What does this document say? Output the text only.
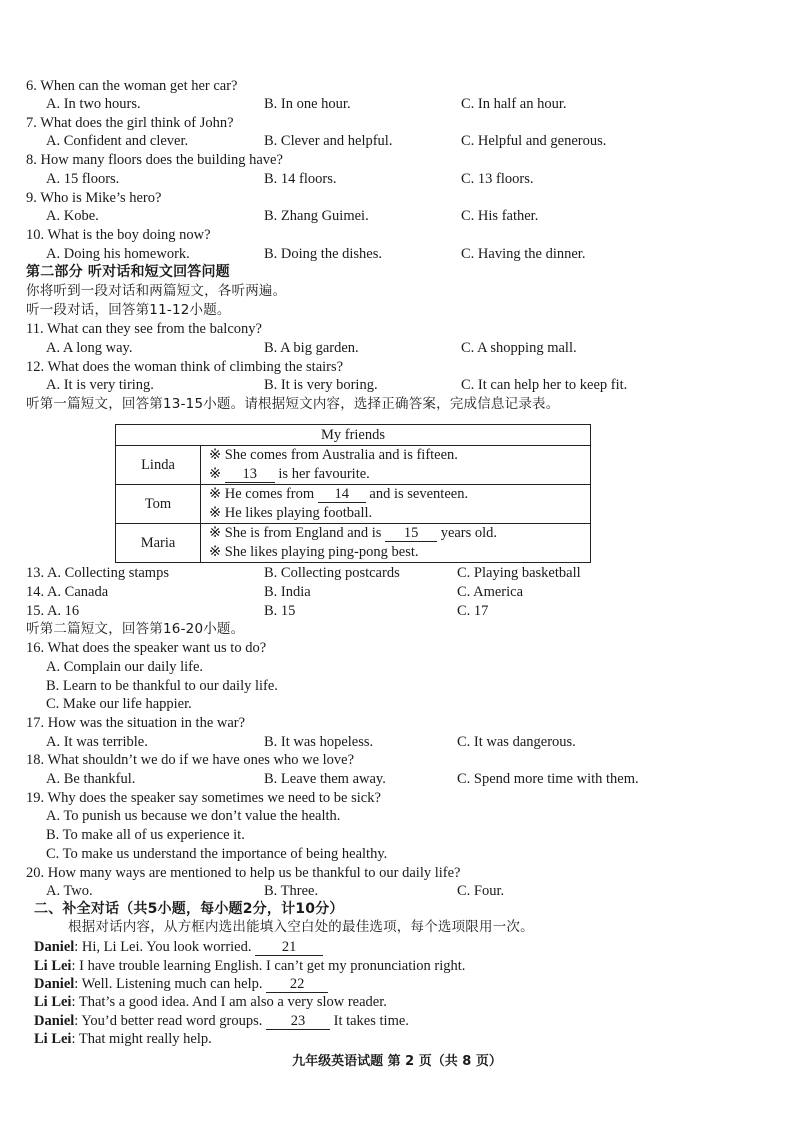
6. When can the woman get her car?
A. In two hours.	B. In one hour.	C. In half an hour.
7. What does the girl think of John?
A. Confident and clever.	B. Clever and helpful.	C. Helpful and generous.
8. How many floors does the building have?
A. 15 floors.	B. 14 floors.	C. 13 floors.
9. Who is Mike’s hero?
A. Kobe.	B. Zhang Guimei.	C. His father.
10. What is the boy doing now?
A. Doing his homework.	B. Doing the dishes.	C. Having the dinner.
第二部分 听对话和短文回答问题
你将听到一段对话和两篇短文，各听两遍。
听一段对话，回答第11-12小题。
11. What can they see from the balcony?
A. A long way.	B. A big garden.	C. A shopping mall.
12. What does the woman think of climbing the stairs?
A. It is very tiring.	B. It is very boring.	C. It can help her to keep fit.
听第一篇短文，回答第13-15小题。请根据短文内容，选择正确答案，完成信息记录表。
My friends	
Linda	※ She comes from Australia and is fifteen.
※ 13 is her favourite.

Tom	※ He comes from 14 and is seventeen.
※ He likes playing football.

Maria	※ She is from England and is 15 years old.
※ She likes playing ping-pong best.
13. A. Collecting stamps	B. Collecting postcards	C. Playing basketball
14. A. Canada	B. India	C. America
15. A. 16	B. 15	C. 17
听第二篇短文，回答第16-20小题。
16. What does the speaker want us to do?
A. Complain our daily life.
B. Learn to be thankful to our daily life.
C. Make our life happier.
17. How was the situation in the war?
A. It was terrible.	B. It was hopeless.	C. It was dangerous.
18. What shouldn’t we do if we have ones who we love?
A. Be thankful.	B. Leave them away.	C. Spend more time with them.
19. Why does the speaker say sometimes we need to be sick?
A. To punish us because we don’t value the health.
B. To make all of us experience it.
C. To make us understand the importance of being healthy.
20. How many ways are mentioned to help us be thankful to our daily life?
A. Two.	B. Three.	C. Four.
二、补全对话（共5小题，每小题2分，计10分）
根据对话内容，从方框内选出能填入空白处的最佳选项，每个选项限用一次。
Daniel: Hi, Li Lei. You look worried. 21
Li Lei: I have trouble learning English. I can’t get my pronunciation right.
Daniel: Well. Listening much can help. 22
Li Lei: That’s a good idea. And I am also a very slow reader.
Daniel: You’d better read word groups. 23 It takes time.
Li Lei: That might really help.
九年级英语试题 第 2 页（共 8 页）
